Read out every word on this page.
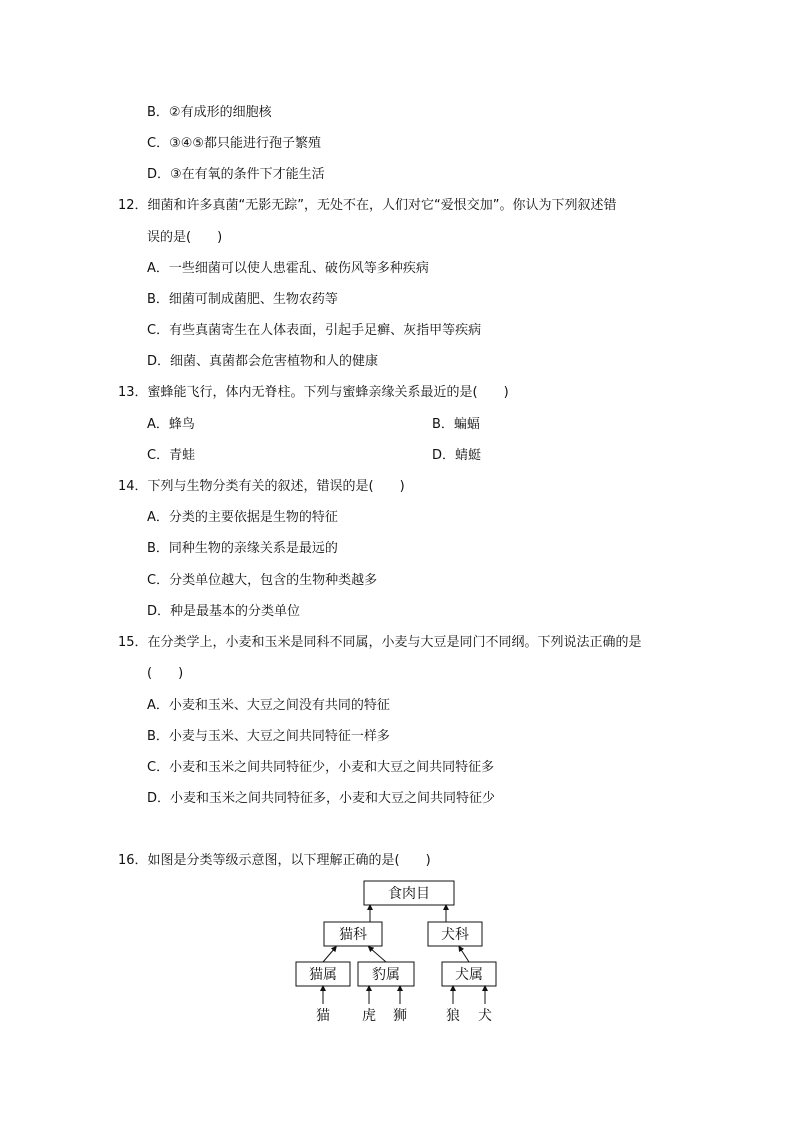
B．②有成形的细胞核
C．③④⑤都只能进行孢子繁殖
D．③在有氧的条件下才能生活
12．细菌和许多真菌“无影无踪”，无处不在，人们对它“爱恨交加”。你认为下列叙述错
误的是(　　)
A．一些细菌可以使人患霍乱、破伤风等多种疾病
B．细菌可制成菌肥、生物农药等
C．有些真菌寄生在人体表面，引起手足癣、灰指甲等疾病
D．细菌、真菌都会危害植物和人的健康
13．蜜蜂能飞行，体内无脊柱。下列与蜜蜂亲缘关系最近的是(　　)
A．蜂鸟	B．蝙蝠
C．青蛙	D．蜻蜓
14．下列与生物分类有关的叙述，错误的是(　　)
A．分类的主要依据是生物的特征
B．同种生物的亲缘关系是最远的
C．分类单位越大，包含的生物种类越多
D．种是最基本的分类单位
15．在分类学上，小麦和玉米是同科不同属，小麦与大豆是同门不同纲。下列说法正确的是
(　　)
A．小麦和玉米、大豆之间没有共同的特征
B．小麦与玉米、大豆之间共同特征一样多
C．小麦和玉米之间共同特征少，小麦和大豆之间共同特征多
D．小麦和玉米之间共同特征多，小麦和大豆之间共同特征少
16．如图是分类等级示意图，以下理解正确的是(　　)
食肉目
猫科	犬科
猫属	豹属	犬属
猫 虎 狮	狼 犬
